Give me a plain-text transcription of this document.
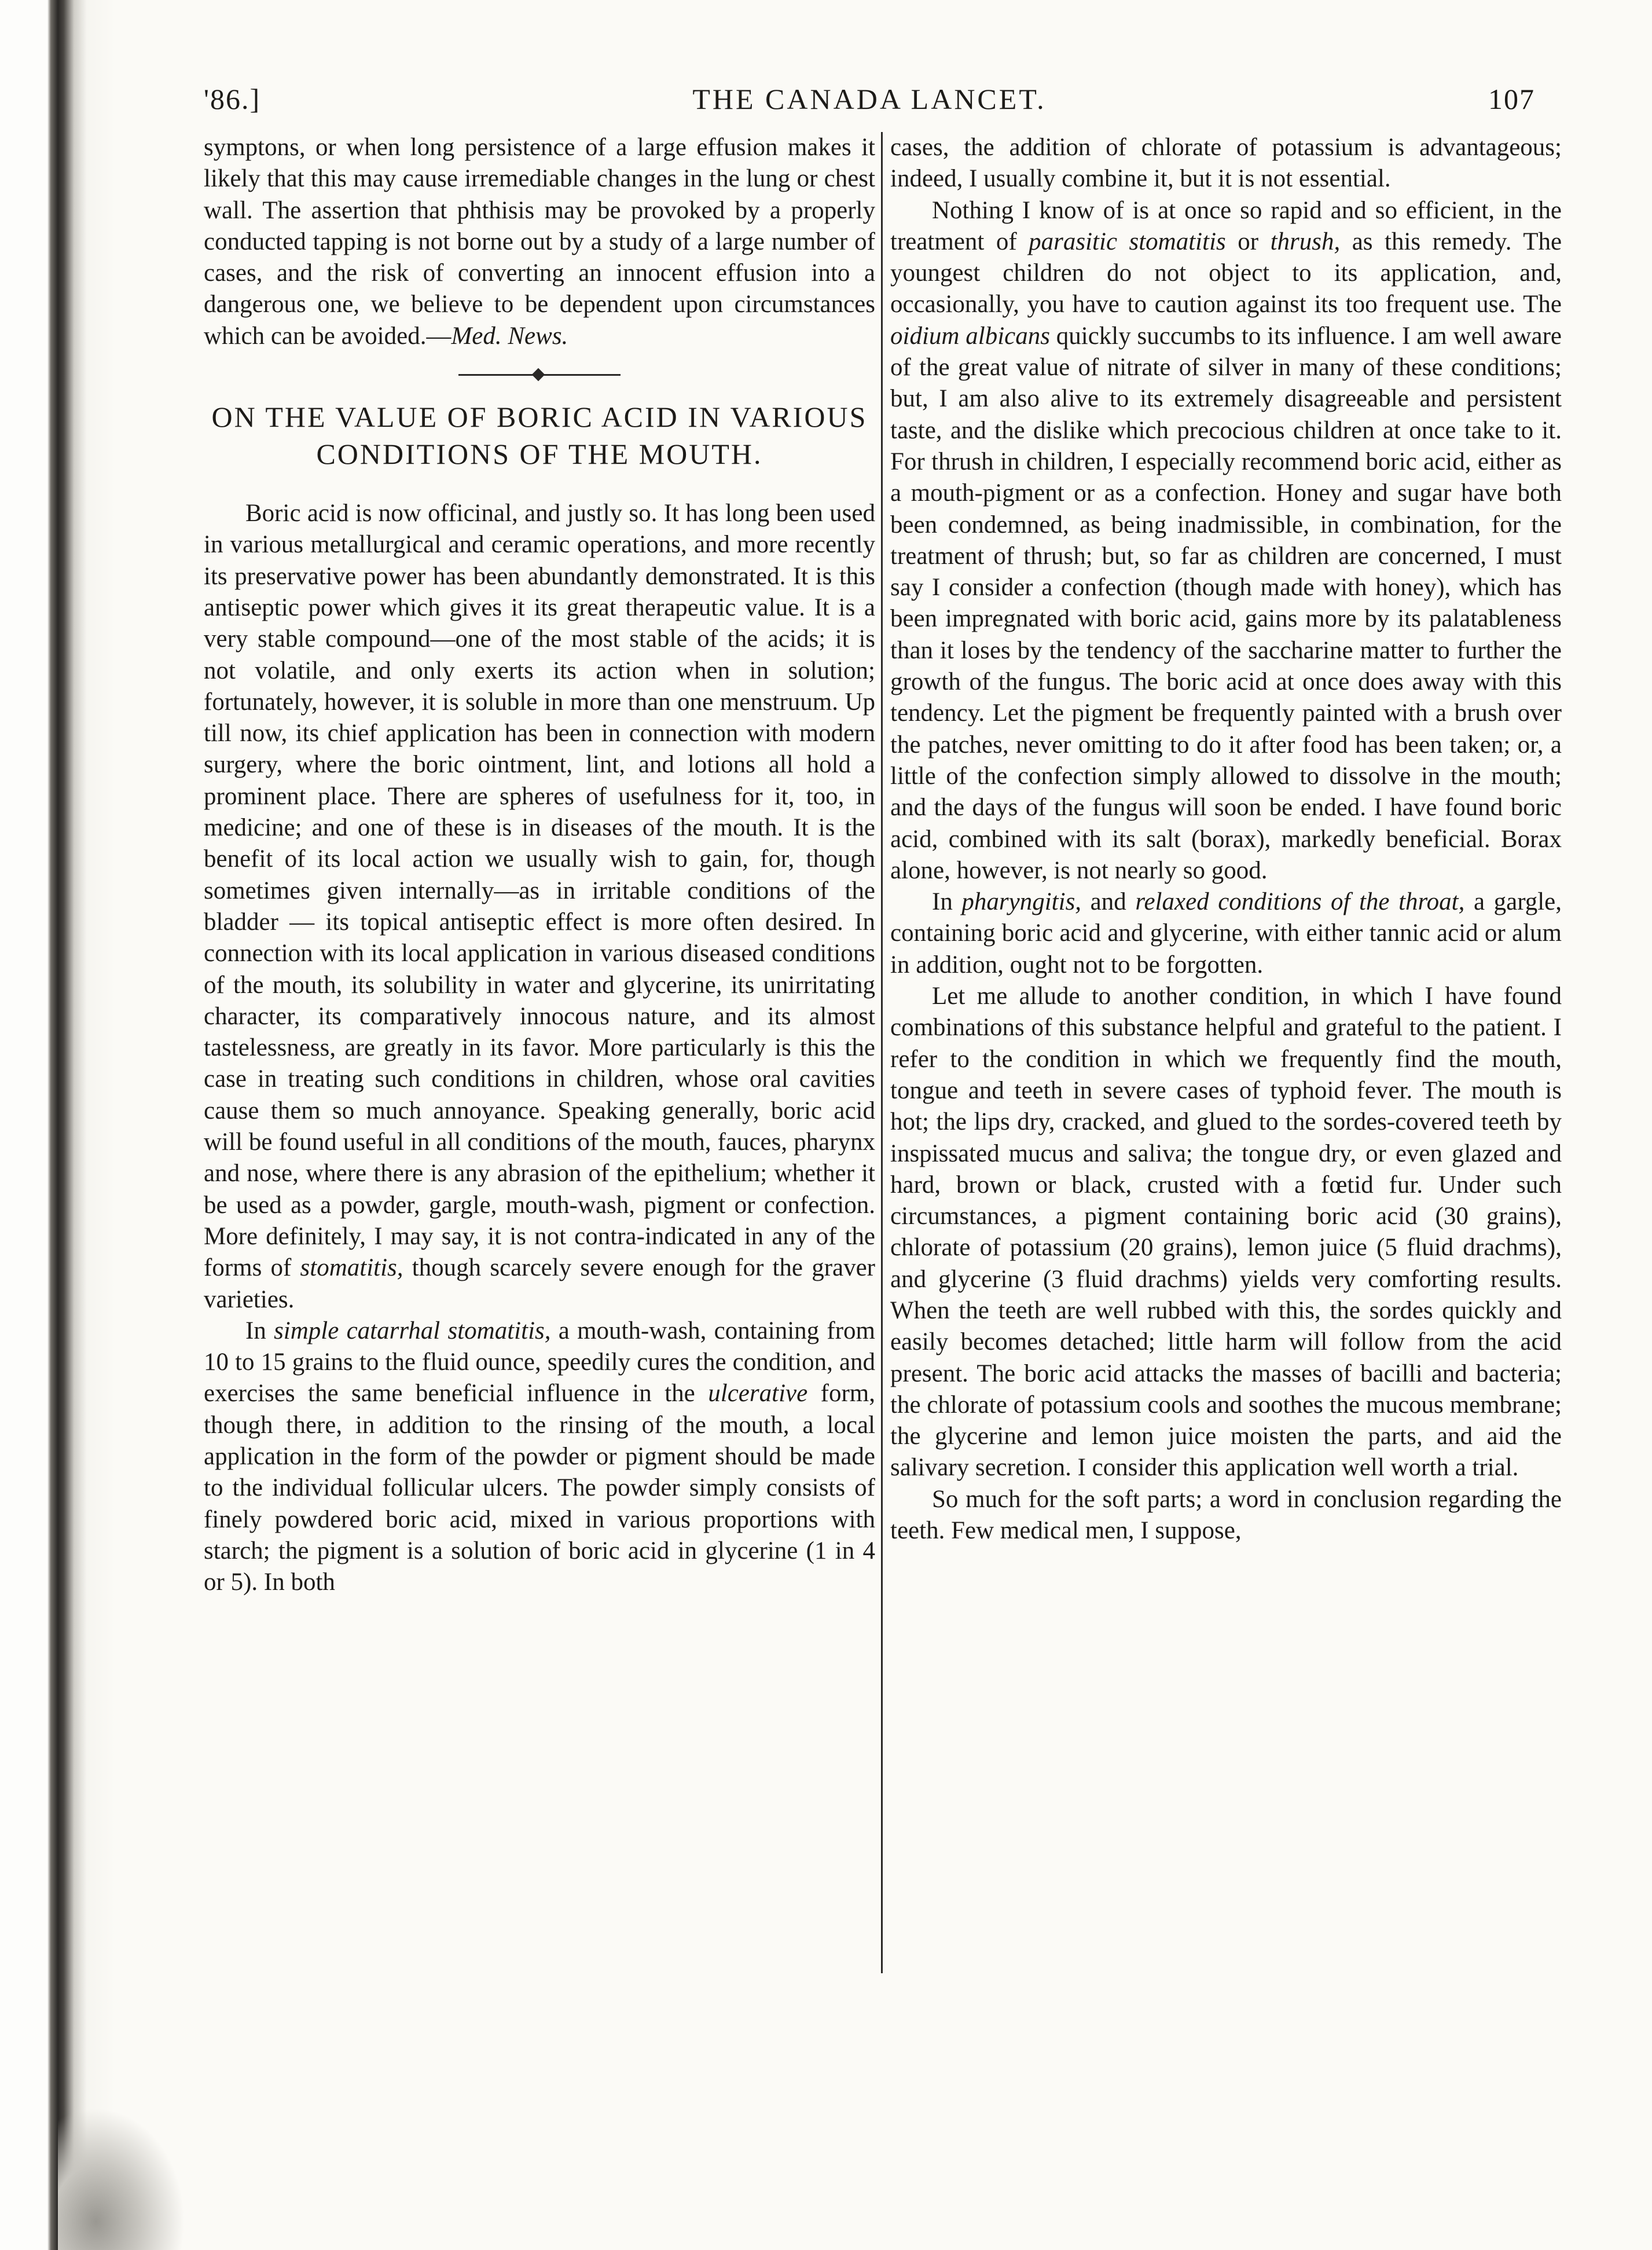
'86.]	THE CANADA LANCET.	107

symptons, or when long persistence of a large effusion makes it likely that this may cause irremediable changes in the lung or chest wall. The assertion that phthisis may be provoked by a properly conducted tapping is not borne out by a study of a large number of cases, and the risk of converting an innocent effusion into a dangerous one, we believe to be dependent upon circumstances which can be avoided.—Med. News.

ON THE VALUE OF BORIC ACID IN VARIOUS CONDITIONS OF THE MOUTH.

Boric acid is now officinal, and justly so. It has long been used in various metallurgical and ceramic operations, and more recently its preservative power has been abundantly demonstrated. It is this antiseptic power which gives it its great therapeutic value. It is a very stable compound—one of the most stable of the acids; it is not volatile, and only exerts its action when in solution; fortunately, however, it is soluble in more than one menstruum. Up till now, its chief application has been in connection with modern surgery, where the boric ointment, lint, and lotions all hold a prominent place. There are spheres of usefulness for it, too, in medicine; and one of these is in diseases of the mouth. It is the benefit of its local action we usually wish to gain, for, though sometimes given internally—as in irritable conditions of the bladder — its topical antiseptic effect is more often desired. In connection with its local application in various diseased conditions of the mouth, its solubility in water and glycerine, its unirritating character, its comparatively innocous nature, and its almost tastelessness, are greatly in its favor. More particularly is this the case in treating such conditions in children, whose oral cavities cause them so much annoyance. Speaking generally, boric acid will be found useful in all conditions of the mouth, fauces, pharynx and nose, where there is any abrasion of the epithelium; whether it be used as a powder, gargle, mouth-wash, pigment or confection. More definitely, I may say, it is not contra-indicated in any of the forms of stomatitis, though scarcely severe enough for the graver varieties.

In simple catarrhal stomatitis, a mouth-wash, containing from 10 to 15 grains to the fluid ounce, speedily cures the condition, and exercises the same beneficial influence in the ulcerative form, though there, in addition to the rinsing of the mouth, a local application in the form of the powder or pigment should be made to the individual follicular ulcers. The powder simply consists of finely powdered boric acid, mixed in various proportions with starch; the pigment is a solution of boric acid in glycerine (1 in 4 or 5). In both

cases, the addition of chlorate of potassium is advantageous; indeed, I usually combine it, but it is not essential.

Nothing I know of is at once so rapid and so efficient, in the treatment of parasitic stomatitis or thrush, as this remedy. The youngest children do not object to its application, and, occasionally, you have to caution against its too frequent use. The oidium albicans quickly succumbs to its influence. I am well aware of the great value of nitrate of silver in many of these conditions; but, I am also alive to its extremely disagreeable and persistent taste, and the dislike which precocious children at once take to it. For thrush in children, I especially recommend boric acid, either as a mouth-pigment or as a confection. Honey and sugar have both been condemned, as being inadmissible, in combination, for the treatment of thrush; but, so far as children are concerned, I must say I consider a confection (though made with honey), which has been impregnated with boric acid, gains more by its palatableness than it loses by the tendency of the saccharine matter to further the growth of the fungus. The boric acid at once does away with this tendency. Let the pigment be frequently painted with a brush over the patches, never omitting to do it after food has been taken; or, a little of the confection simply allowed to dissolve in the mouth; and the days of the fungus will soon be ended. I have found boric acid, combined with its salt (borax), markedly beneficial. Borax alone, however, is not nearly so good.

In pharyngitis, and relaxed conditions of the throat, a gargle, containing boric acid and glycerine, with either tannic acid or alum in addition, ought not to be forgotten.

Let me allude to another condition, in which I have found combinations of this substance helpful and grateful to the patient. I refer to the condition in which we frequently find the mouth, tongue and teeth in severe cases of typhoid fever. The mouth is hot; the lips dry, cracked, and glued to the sordes-covered teeth by inspissated mucus and saliva; the tongue dry, or even glazed and hard, brown or black, crusted with a fœtid fur. Under such circumstances, a pigment containing boric acid (30 grains), chlorate of potassium (20 grains), lemon juice (5 fluid drachms), and glycerine (3 fluid drachms) yields very comforting results. When the teeth are well rubbed with this, the sordes quickly and easily becomes detached; little harm will follow from the acid present. The boric acid attacks the masses of bacilli and bacteria; the chlorate of potassium cools and soothes the mucous membrane; the glycerine and lemon juice moisten the parts, and aid the salivary secretion. I consider this application well worth a trial.

So much for the soft parts; a word in conclusion regarding the teeth. Few medical men, I suppose,
